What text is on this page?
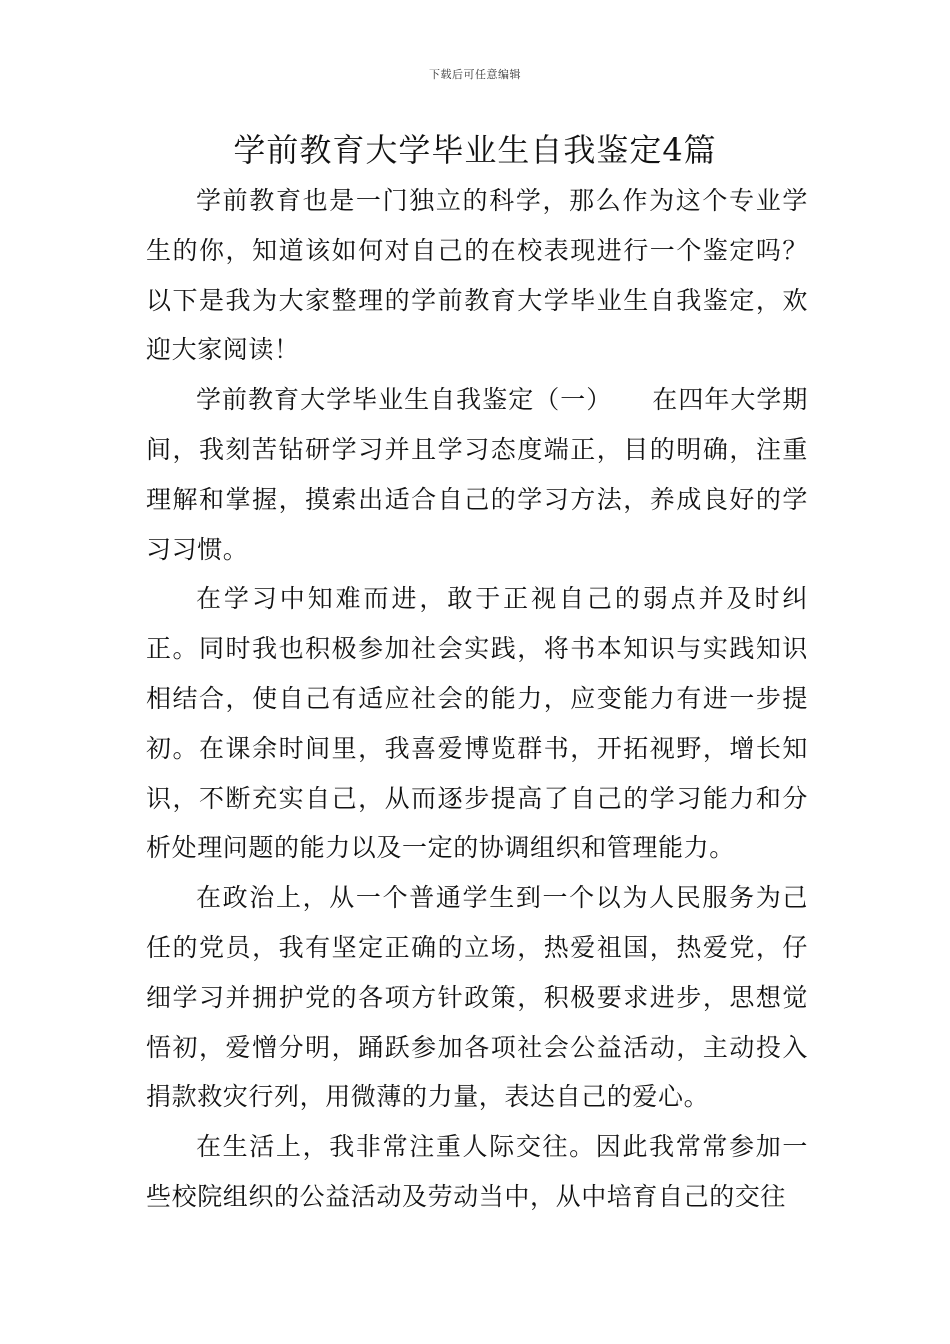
下载后可任意编辑
学前教育大学毕业生自我鉴定4篇

学前教育也是一门独立的科学，那么作为这个专业学生的你，知道该如何对自己的在校表现进行一个鉴定吗？以下是我为大家整理的学前教育大学毕业生自我鉴定，欢迎大家阅读！

学前教育大学毕业生自我鉴定（一） 在四年大学期间，我刻苦钻研学习并且学习态度端正，目的明确，注重理解和掌握，摸索出适合自己的学习方法，养成良好的学习习惯。

在学习中知难而进，敢于正视自己的弱点并及时纠正。同时我也积极参加社会实践，将书本知识与实践知识相结合，使自己有适应社会的能力，应变能力有进一步提初。在课余时间里，我喜爱博览群书，开拓视野，增长知识，不断充实自己，从而逐步提高了自己的学习能力和分析处理问题的能力以及一定的协调组织和管理能力。

在政治上，从一个普通学生到一个以为人民服务为己任的党员，我有坚定正确的立场，热爱祖国，热爱党，仔细学习并拥护党的各项方针政策，积极要求进步，思想觉悟初，爱憎分明，踊跃参加各项社会公益活动，主动投入捐款救灾行列，用微薄的力量，表达自己的爱心。

在生活上，我非常注重人际交往。因此我常常参加一些校院组织的公益活动及劳动当中，从中培育自己的交往
